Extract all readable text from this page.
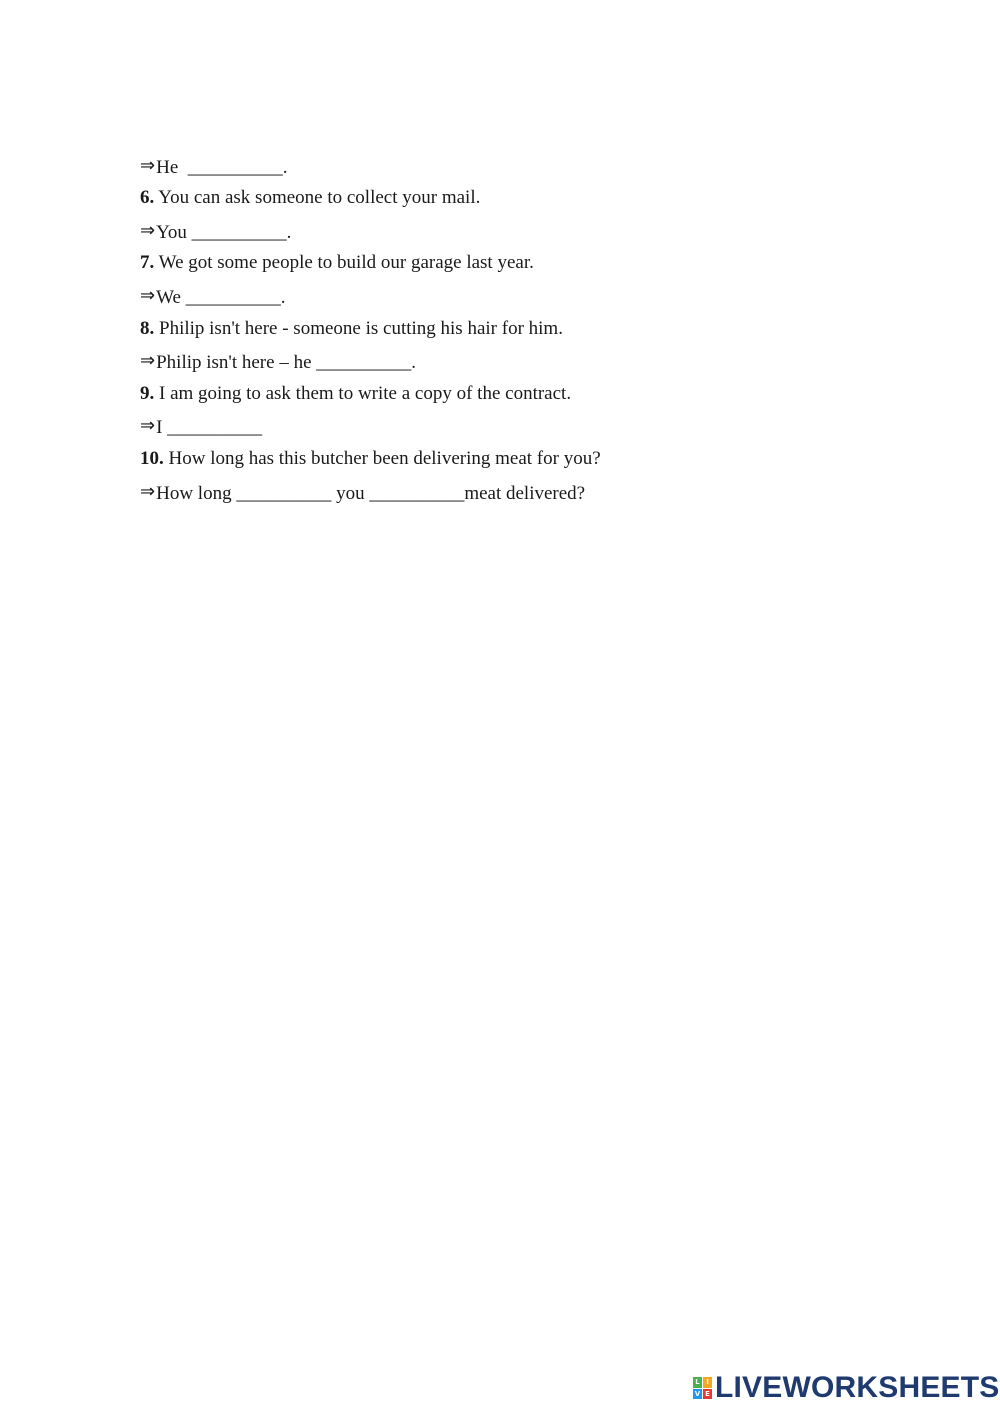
⇒He  __________.

6. You can ask someone to collect your mail.

⇒You __________.

7. We got some people to build our garage last year.

⇒We __________.

8. Philip isn't here - someone is cutting his hair for him.

⇒Philip isn't here – he __________.

9. I am going to ask them to write a copy of the contract.

⇒I __________

10. How long has this butcher been delivering meat for you?

⇒How long __________ you __________meat delivered?

L I
V E LIVEWORKSHEETS
